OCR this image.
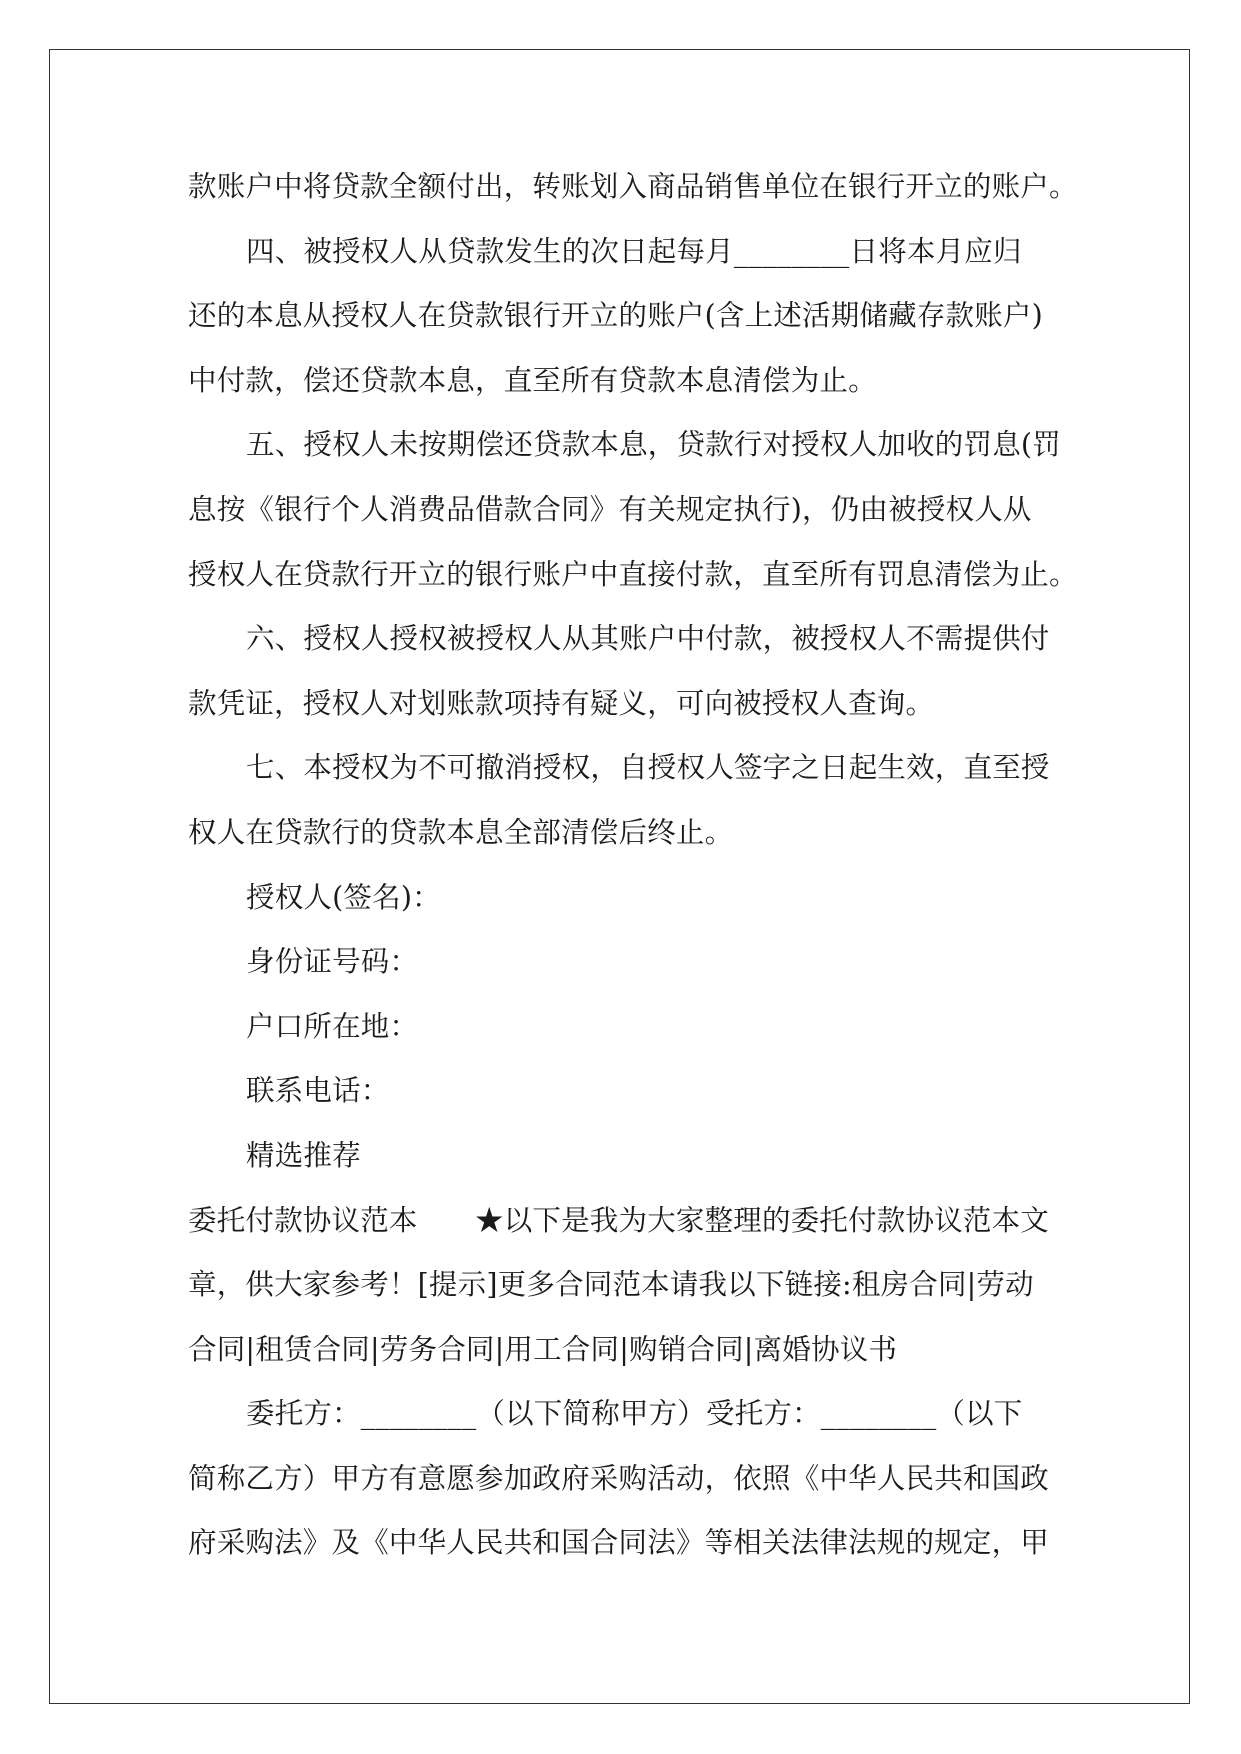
款账户中将贷款全额付出，转账划入商品销售单位在银行开立的账户。
四、被授权人从贷款发生的次日起每月________日将本月应归
还的本息从授权人在贷款银行开立的账户(含上述活期储藏存款账户)
中付款，偿还贷款本息，直至所有贷款本息清偿为止。
五、授权人未按期偿还贷款本息，贷款行对授权人加收的罚息(罚
息按《银行个人消费品借款合同》有关规定执行)，仍由被授权人从
授权人在贷款行开立的银行账户中直接付款，直至所有罚息清偿为止。
六、授权人授权被授权人从其账户中付款，被授权人不需提供付
款凭证，授权人对划账款项持有疑义，可向被授权人查询。
七、本授权为不可撤消授权，自授权人签字之日起生效，直至授
权人在贷款行的贷款本息全部清偿后终止。
授权人(签名)：
身份证号码：
户口所在地：
联系电话：
精选推荐
委托付款协议范本　　★以下是我为大家整理的委托付款协议范本文
章，供大家参考！[提示]更多合同范本请我以下链接:租房合同|劳动
合同|租赁合同|劳务合同|用工合同|购销合同|离婚协议书
委托方：________（以下简称甲方）受托方：________（以下
简称乙方）甲方有意愿参加政府采购活动，依照《中华人民共和国政
府采购法》及《中华人民共和国合同法》等相关法律法规的规定，甲
